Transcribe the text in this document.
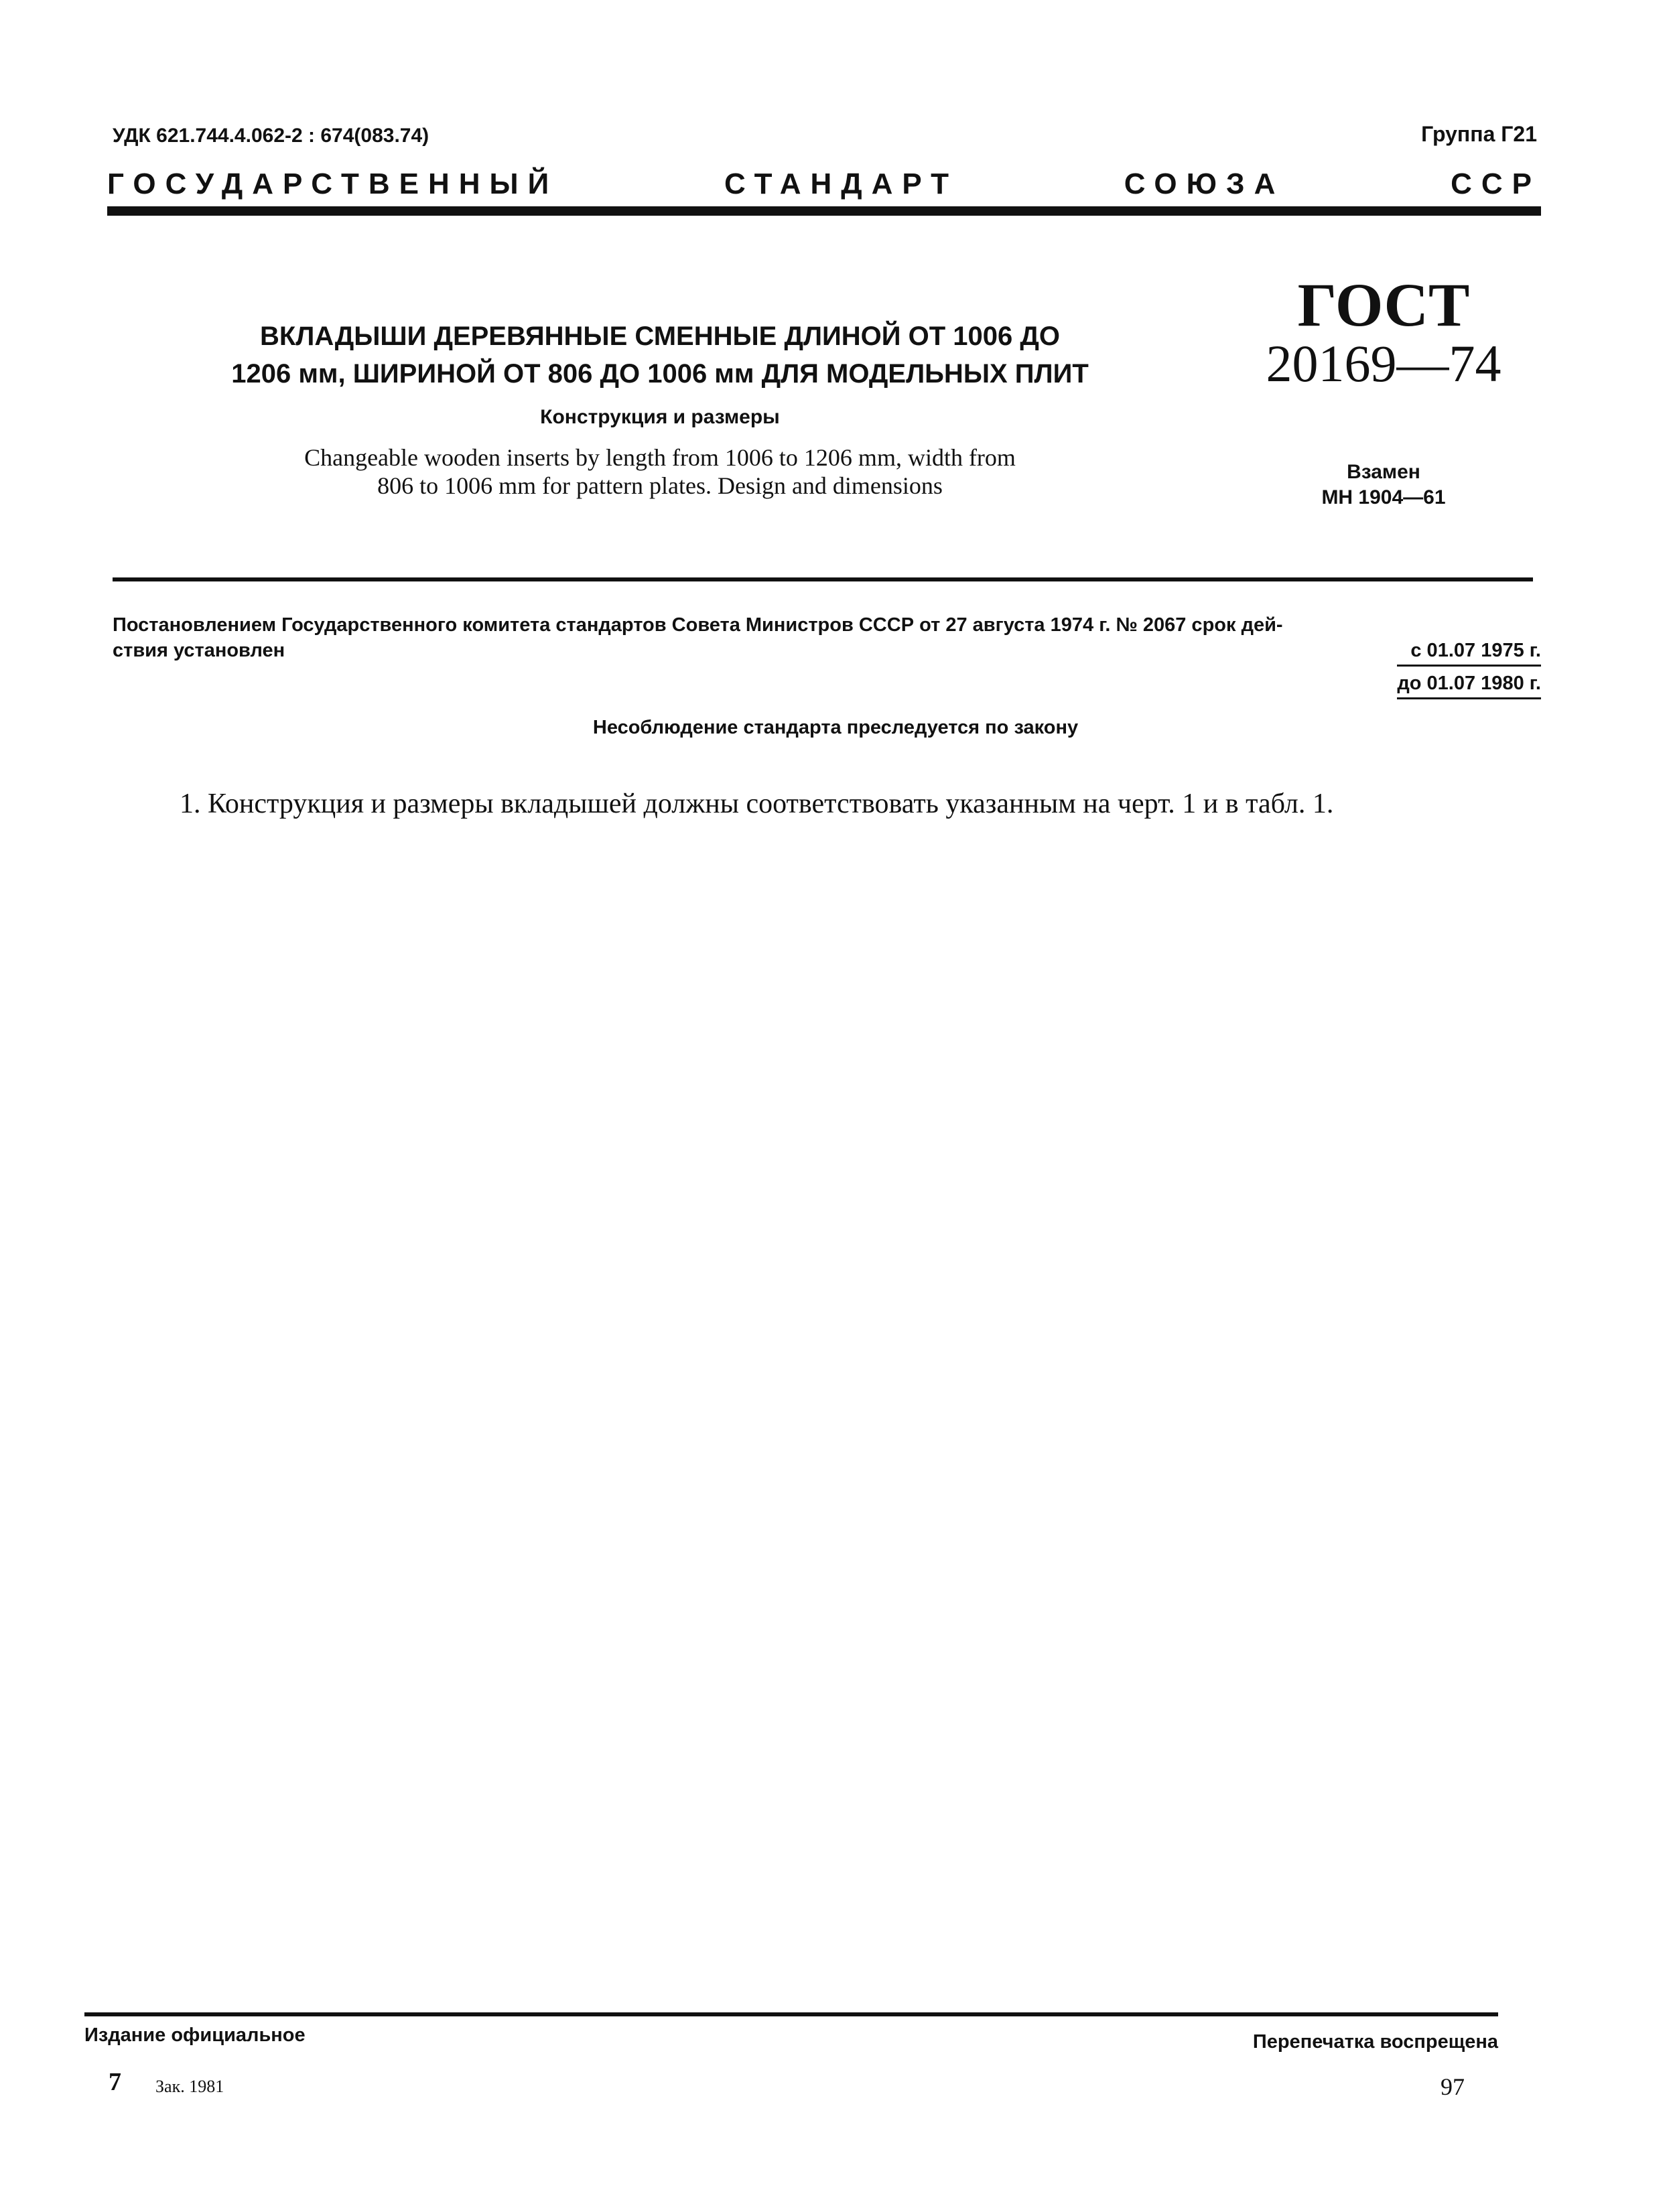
УДК 621.744.4.062-2 : 674(083.74)	Группа Г21
ГОСУДАРСТВЕННЫЙ	СТАНДАРТ	СОЮЗА	ССР
ВКЛАДЫШИ ДЕРЕВЯННЫЕ СМЕННЫЕ ДЛИНОЙ ОТ 1006 ДО
1206 мм, ШИРИНОЙ ОТ 806 ДО 1006 мм ДЛЯ МОДЕЛЬНЫХ ПЛИТ
Конструкция и размеры
Changeable wooden inserts by length from 1006 to 1206 mm, width from
806 to 1006 mm for pattern plates. Design and dimensions
ГОСТ
20169—74
Взамен
МН 1904—61
Постановлением Государственного комитета стандартов Совета Министров СССР от 27 августа 1974 г. № 2067 срок дей-
ствия установлен	с 01.07 1975 г.
до 01.07 1980 г.
Несоблюдение стандарта преследуется по закону
1. Конструкция и размеры вкладышей должны соответствовать указанным на черт. 1 и в табл. 1.
Издание официальное	Перепечатка воспрещена
7 Зак. 1981	97
